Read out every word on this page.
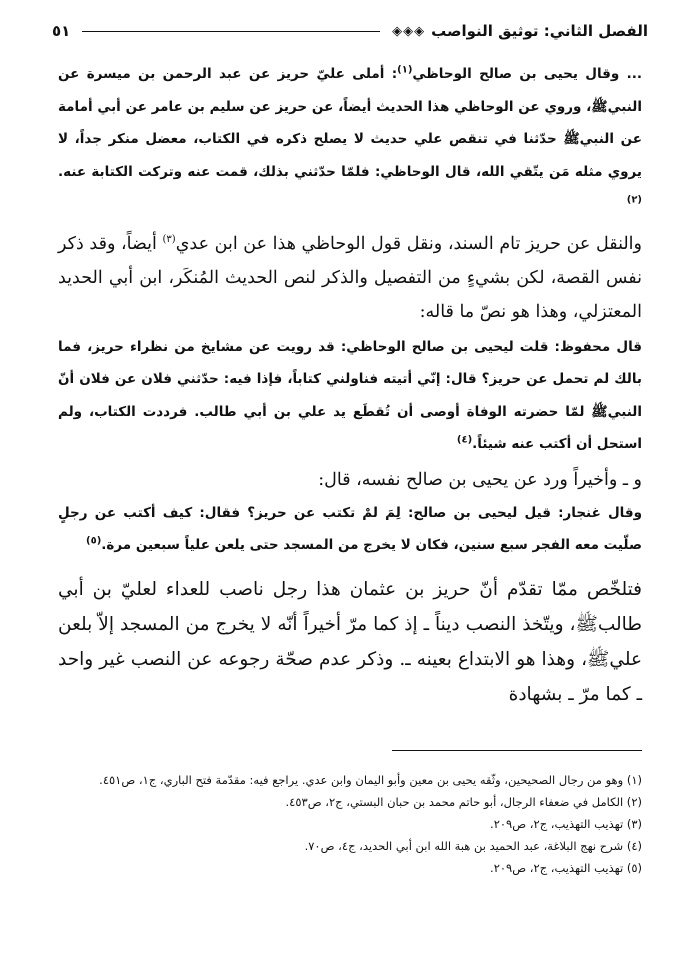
الفصل الثاني: توثيق النواصب
◈◈◈
٥١

... وقال يحيى بن صالح الوحاظي$^{(١)}$: أملى عليّ حريز عن عبد الرحمن بن ميسرة عن النبيﷺ، وروي عن الوحاظي هذا الحديث أيضاً، عن حريز عن سليم بن عامر عن أبي أمامة عن النبيﷺ حدّثنا في تنقص علي حديث لا يصلح ذكره في الكتاب، معضل منكر جداً، لا يروي مثله مَن يتّقي الله، قال الوحاظي: فلمّا حدّثني بذلك، قمت عنه وتركت الكتابة عنه. $^{(٢)}$

والنقل عن حريز تام السند، ونقل قول الوحاظي هذا عن ابن عدي$^{(٣)}$ أيضاً، وقد ذكر نفس القصة، لكن بشيءٍ من التفصيل والذكر لنص الحديث المُنكَر، ابن أبي الحديد المعتزلي، وهذا هو نصّ ما قاله:

قال محفوظ: قلت ليحيى بن صالح الوحاظي: قد رويت عن مشايخ من نظراء حريز، فما بالك لم تحمل عن حريز؟ قال: إنّي أتيته فناولني كتاباً، فإذا فيه: حدّثني فلان عن فلان أنّ النبيﷺ لمّا حضرته الوفاة أوصى أن تُقطَع يد علي بن أبي طالب. فرددت الكتاب، ولم استحل أن أكتب عنه شيئاً.$^{(٤)}$

و ـ وأخيراً ورد عن يحيى بن صالح نفسه، قال:

وقال غنجار: قيل ليحيى بن صالح: لِمَ لمْ تكتب عن حريز؟ فقال: كيف أكتب عن رجلٍ صلّيت معه الفجر سبع سنين، فكان لا يخرج من المسجد حتى يلعن علياً سبعين مرة.$^{(٥)}$

فتلخّص ممّا تقدّم أنّ حريز بن عثمان هذا رجل ناصب للعداء لعليّ بن أبي طالبﷺ، ويتّخذ النصب ديناً ـ إذ كما مرّ أخيراً أنّه لا يخرج من المسجد إلاّ بلعن عليﷺ، وهذا هو الابتداع بعينه ـ. وذكر عدم صحّة رجوعه عن النصب غير واحد ـ كما مرّ ـ بشهادة

(١) وهو من رجال الصحيحين، وثّقه يحيى بن معين وأبو اليمان وابن عدي. يراجع فيه: مقدّمة فتح الباري، ج١، ص٤٥١.

(٢) الكامل في ضعفاء الرجال، أبو حاتم محمد بن حبان البستي، ج٢، ص٤٥٣.

(٣) تهذيب التهذيب، ج٢، ص٢٠٩.

(٤) شرح نهج البلاغة، عبد الحميد بن هبة الله ابن أبي الحديد، ج٤، ص٧٠.

(٥) تهذيب التهذيب، ج٢، ص٢٠٩.
